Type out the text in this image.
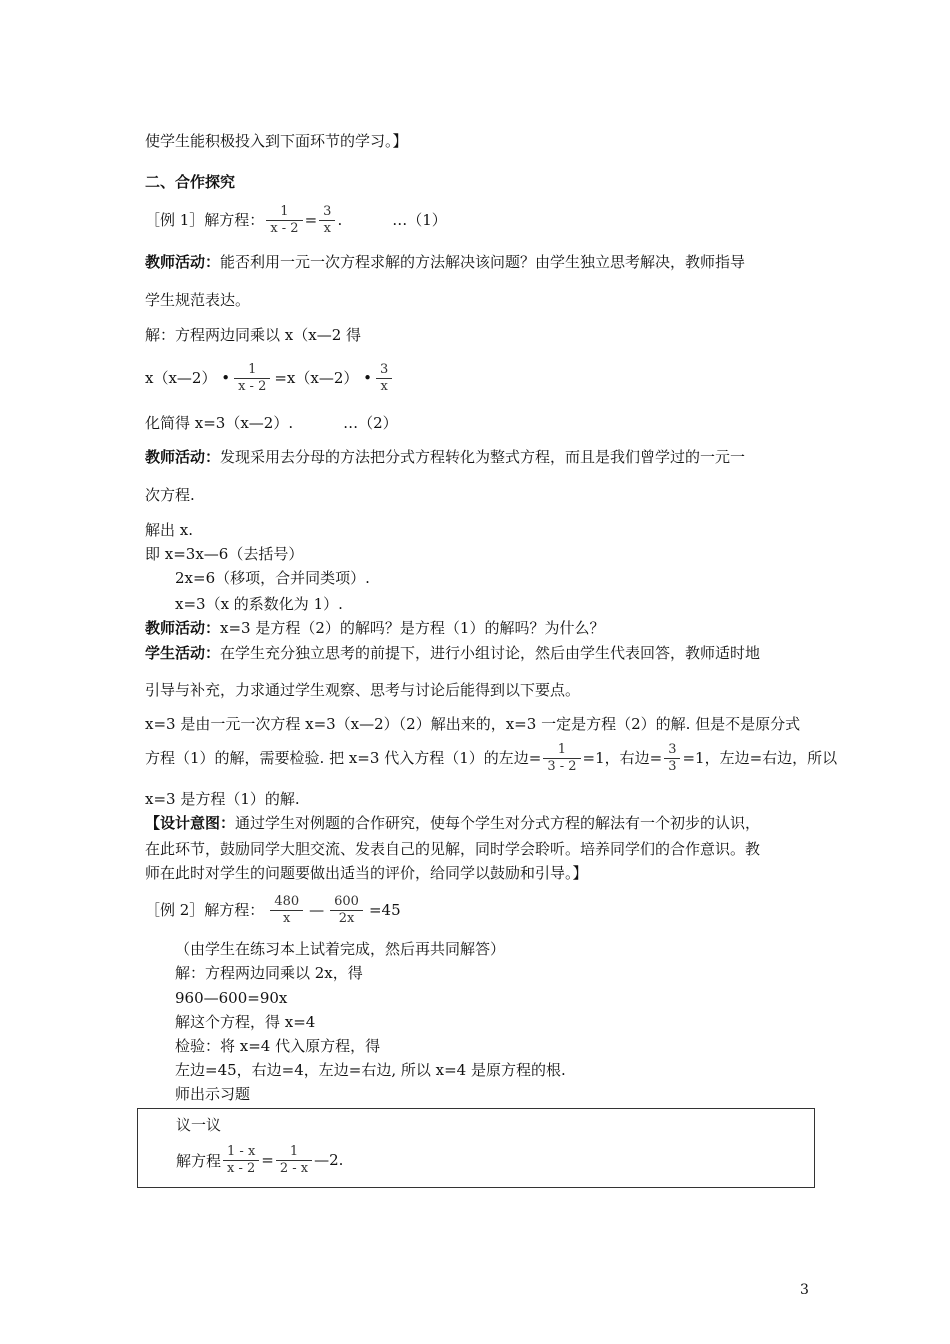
使学生能积极投入到下面环节的学习。】
二、合作探究
［例 1］解方程： $\frac{1}{x - 2} = \frac{3}{x}$ .	…（1）
教师活动：能否利用一元一次方程求解的方法解决该问题？由学生独立思考解决，教师指导
学生规范表达。
解：方程两边同乘以 x（x—2 得
x（x—2） • $\frac{1}{x - 2}$ =x（x—2） • $\frac{3}{x}$
化简得 x=3（x—2）.	…（2）
教师活动：发现采用去分母的方法把分式方程转化为整式方程，而且是我们曾学过的一元一
次方程.
解出 x.
即 x=3x—6（去括号）
2x=6（移项，合并同类项）.
x=3（x 的系数化为 1）.
教师活动：x=3 是方程（2）的解吗？是方程（1）的解吗？为什么？
学生活动：在学生充分独立思考的前提下，进行小组讨论，然后由学生代表回答，教师适时地
引导与补充，力求通过学生观察、思考与讨论后能得到以下要点。
x=3 是由一元一次方程 x=3（x—2）（2）解出来的，x=3 一定是方程（2）的解. 但是不是原分式
方程（1）的解，需要检验. 把 x=3 代入方程（1）的左边= $\frac{1}{3 - 2} =1$，右边= $\frac{3}{3} =1$，左边=右边，所以
x=3 是方程（1）的解.
【设计意图：通过学生对例题的合作研究，使每个学生对分式方程的解法有一个初步的认识，
在此环节，鼓励同学大胆交流、发表自己的见解，同时学会聆听。培养同学们的合作意识。教
师在此时对学生的问题要做出适当的评价，给同学以鼓励和引导。】
［例 2］解方程： $\frac{480}{x}$ — $\frac{600}{2x} =45$
（由学生在练习本上试着完成，然后再共同解答）
解：方程两边同乘以 2x，得
960—600=90x
解这个方程，得 x=4
检验：将 x=4 代入原方程，得
左边=45，右边=4，左边=右边, 所以 x=4 是原方程的根.
师出示习题
议一议
解方程 $\frac{1 - x}{x - 2} = \frac{1}{2 - x}$ —2.
3
